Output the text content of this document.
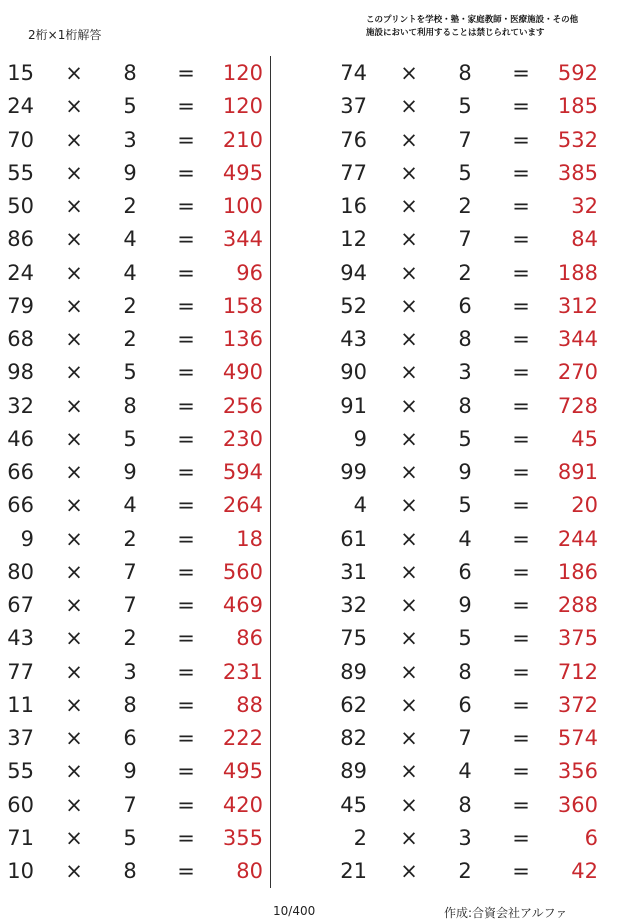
2桁×1桁解答
このプリントを学校・塾・家庭教師・医療施設・その他
施設において利用することは禁じられています
15 × 8 =	120
24 × 5 =	120
70 × 3 =	210
55 × 9 =	495
50 × 2 =	100
86 × 4 =	344
24 × 4 =	96
79 × 2 =	158
68 × 2 =	136
98 × 5 =	490
32 × 8 =	256
46 × 5 =	230
66 × 9 =	594
66 × 4 =	264
9 × 2 =	18
80 × 7 =	560
67 × 7 =	469
43 × 2 =	86
77 × 3 =	231
11 × 8 =	88
37 × 6 =	222
55 × 9 =	495
60 × 7 =	420
71 × 5 =	355
10 × 8 =	80
74 × 8 =	592
37 × 5 =	185
76 × 7 =	532
77 × 5 =	385
16 × 2 =	32
12 × 7 =	84
94 × 2 =	188
52 × 6 =	312
43 × 8 =	344
90 × 3 =	270
91 × 8 =	728
9 × 5 =	45
99 × 9 =	891
4 × 5 =	20
61 × 4 =	244
31 × 6 =	186
32 × 9 =	288
75 × 5 =	375
89 × 8 =	712
62 × 6 =	372
82 × 7 =	574
89 × 4 =	356
45 × 8 =	360
2 × 3 =	6
21 × 2 =	42
10/400	作成:合資会社アルファ
